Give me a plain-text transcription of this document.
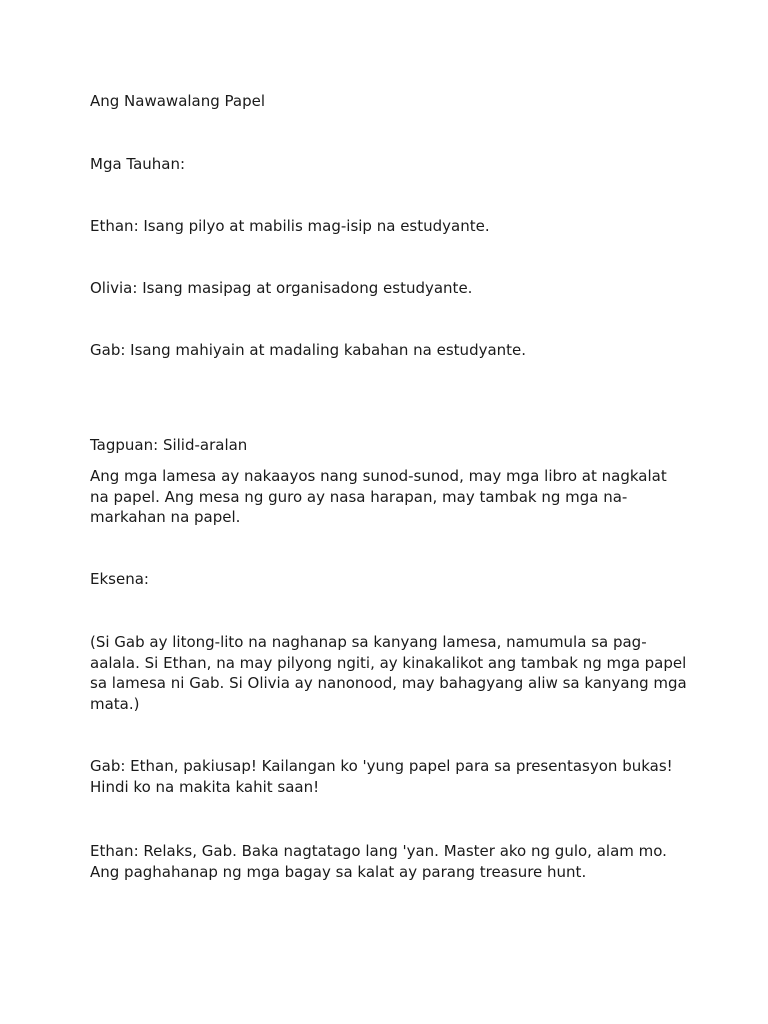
Ang Nawawalang Papel

Mga Tauhan:

Ethan: Isang pilyo at mabilis mag-isip na estudyante.

Olivia: Isang masipag at organisadong estudyante.

Gab: Isang mahiyain at madaling kabahan na estudyante.

Tagpuan: Silid-aralan

Ang mga lamesa ay nakaayos nang sunod-sunod, may mga libro at nagkalat na papel. Ang mesa ng guro ay nasa harapan, may tambak ng mga na-markahan na papel.

Eksena:

(Si Gab ay litong-lito na naghanap sa kanyang lamesa, namumula sa pag-aalala. Si Ethan, na may pilyong ngiti, ay kinakalikot ang tambak ng mga papel sa lamesa ni Gab. Si Olivia ay nanonood, may bahagyang aliw sa kanyang mga mata.)

Gab: Ethan, pakiusap! Kailangan ko 'yung papel para sa presentasyon bukas! Hindi ko na makita kahit saan!

Ethan: Relaks, Gab. Baka nagtatago lang 'yan. Master ako ng gulo, alam mo. Ang paghahanap ng mga bagay sa kalat ay parang treasure hunt.
